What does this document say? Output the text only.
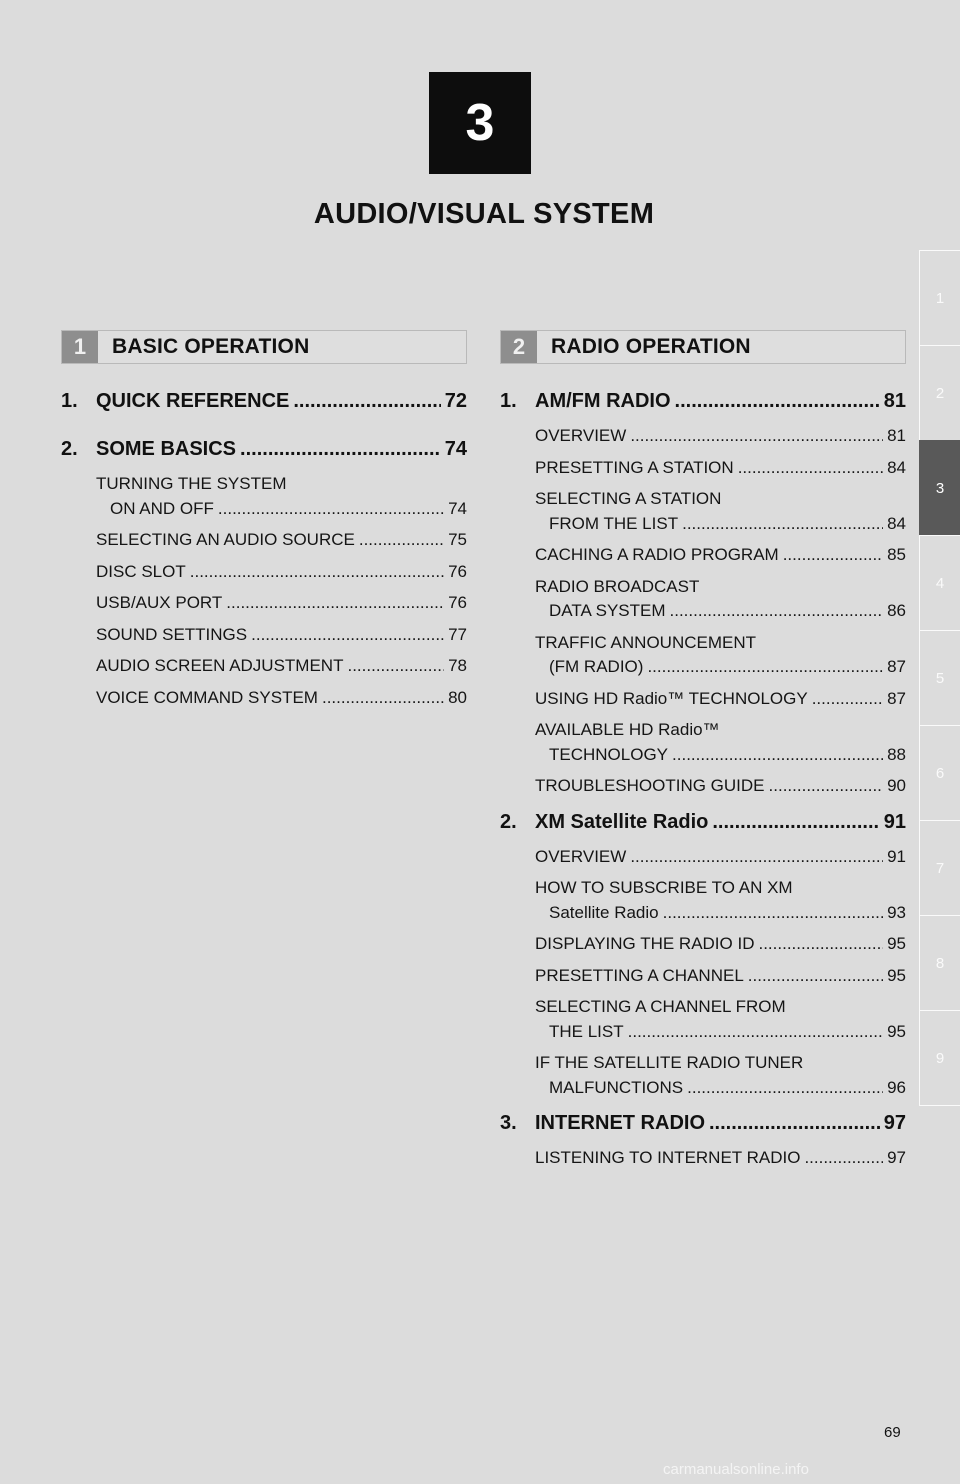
3
AUDIO/VISUAL SYSTEM
1
2
3
4
5
6
7
8
9
1	BASIC OPERATION	2	RADIO OPERATION
1. QUICK REFERENCE .....	72
2. SOME BASICS .....	74
TURNING THE SYSTEM
ON AND OFF .....	74
SELECTING AN AUDIO SOURCE .....	75
DISC SLOT .....	76
USB/AUX PORT .....	76
SOUND SETTINGS .....	77
AUDIO SCREEN ADJUSTMENT .....	78
VOICE COMMAND SYSTEM .....	80
1. AM/FM RADIO .....	81
OVERVIEW .....	81
PRESETTING A STATION .....	84
SELECTING A STATION
FROM THE LIST .....	84
CACHING A RADIO PROGRAM .....	85
RADIO BROADCAST
DATA SYSTEM .....	86
TRAFFIC ANNOUNCEMENT
(FM RADIO) .....	87
USING HD Radio™ TECHNOLOGY .....	87
AVAILABLE HD Radio™
TECHNOLOGY .....	88
TROUBLESHOOTING GUIDE .....	90
2. XM Satellite Radio .....	91
OVERVIEW .....	91
HOW TO SUBSCRIBE TO AN XM
Satellite Radio .....	93
DISPLAYING THE RADIO ID .....	95
PRESETTING A CHANNEL .....	95
SELECTING A CHANNEL FROM
THE LIST .....	95
IF THE SATELLITE RADIO TUNER
MALFUNCTIONS .....	96
3. INTERNET RADIO .....	97
LISTENING TO INTERNET RADIO .....	97
69
carmanualsonline.info
